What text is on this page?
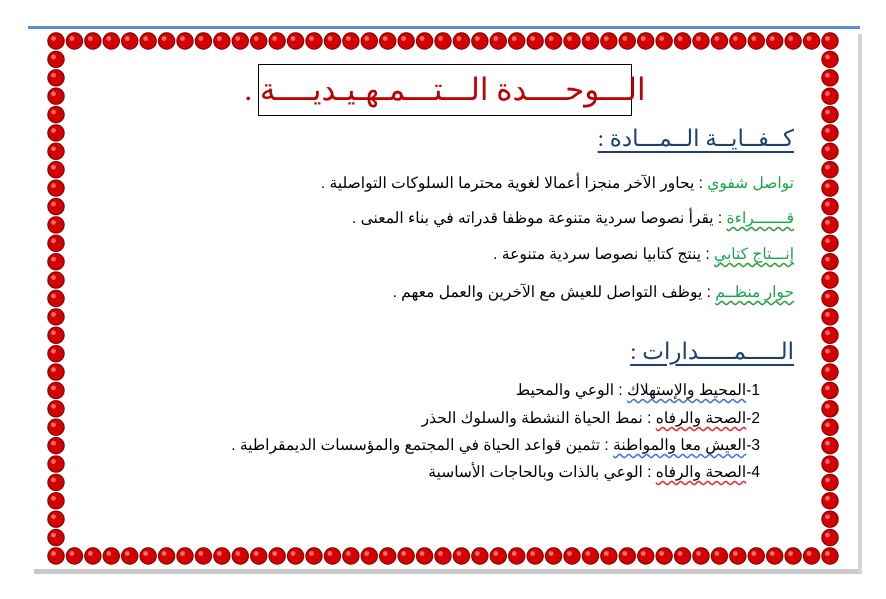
الـــوحــــدة الـــتـــمـهـيـديــــة .
كــفــايــة الــمـــادة :
تواصل شفوي : يحاور الآخر منجزا أعمالا لغوية محترما السلوكات التواصلية .
قـــــــراءة : يقرأ نصوصا سردية متنوعة موظفا قدراته في بناء المعنى .
إنـــتاج كتابي : ينتج كتابيا نصوصا سردية متنوعة .
حوار منظــم : يوظف التواصل للعيش مع الآخرين والعمل معهم .
الـــــمـــــدارات :
1-المحيط والإستهلاك : الوعي والمحيط
2-الصحة والرفاه : نمط الحياة النشطة والسلوك الحذر
3-العيش معا والمواطنة : تثمين قواعد الحياة في المجتمع والمؤسسات الديمقراطية .
4-الصحة والرفاه : الوعي بالذات وبالحاجات الأساسية
